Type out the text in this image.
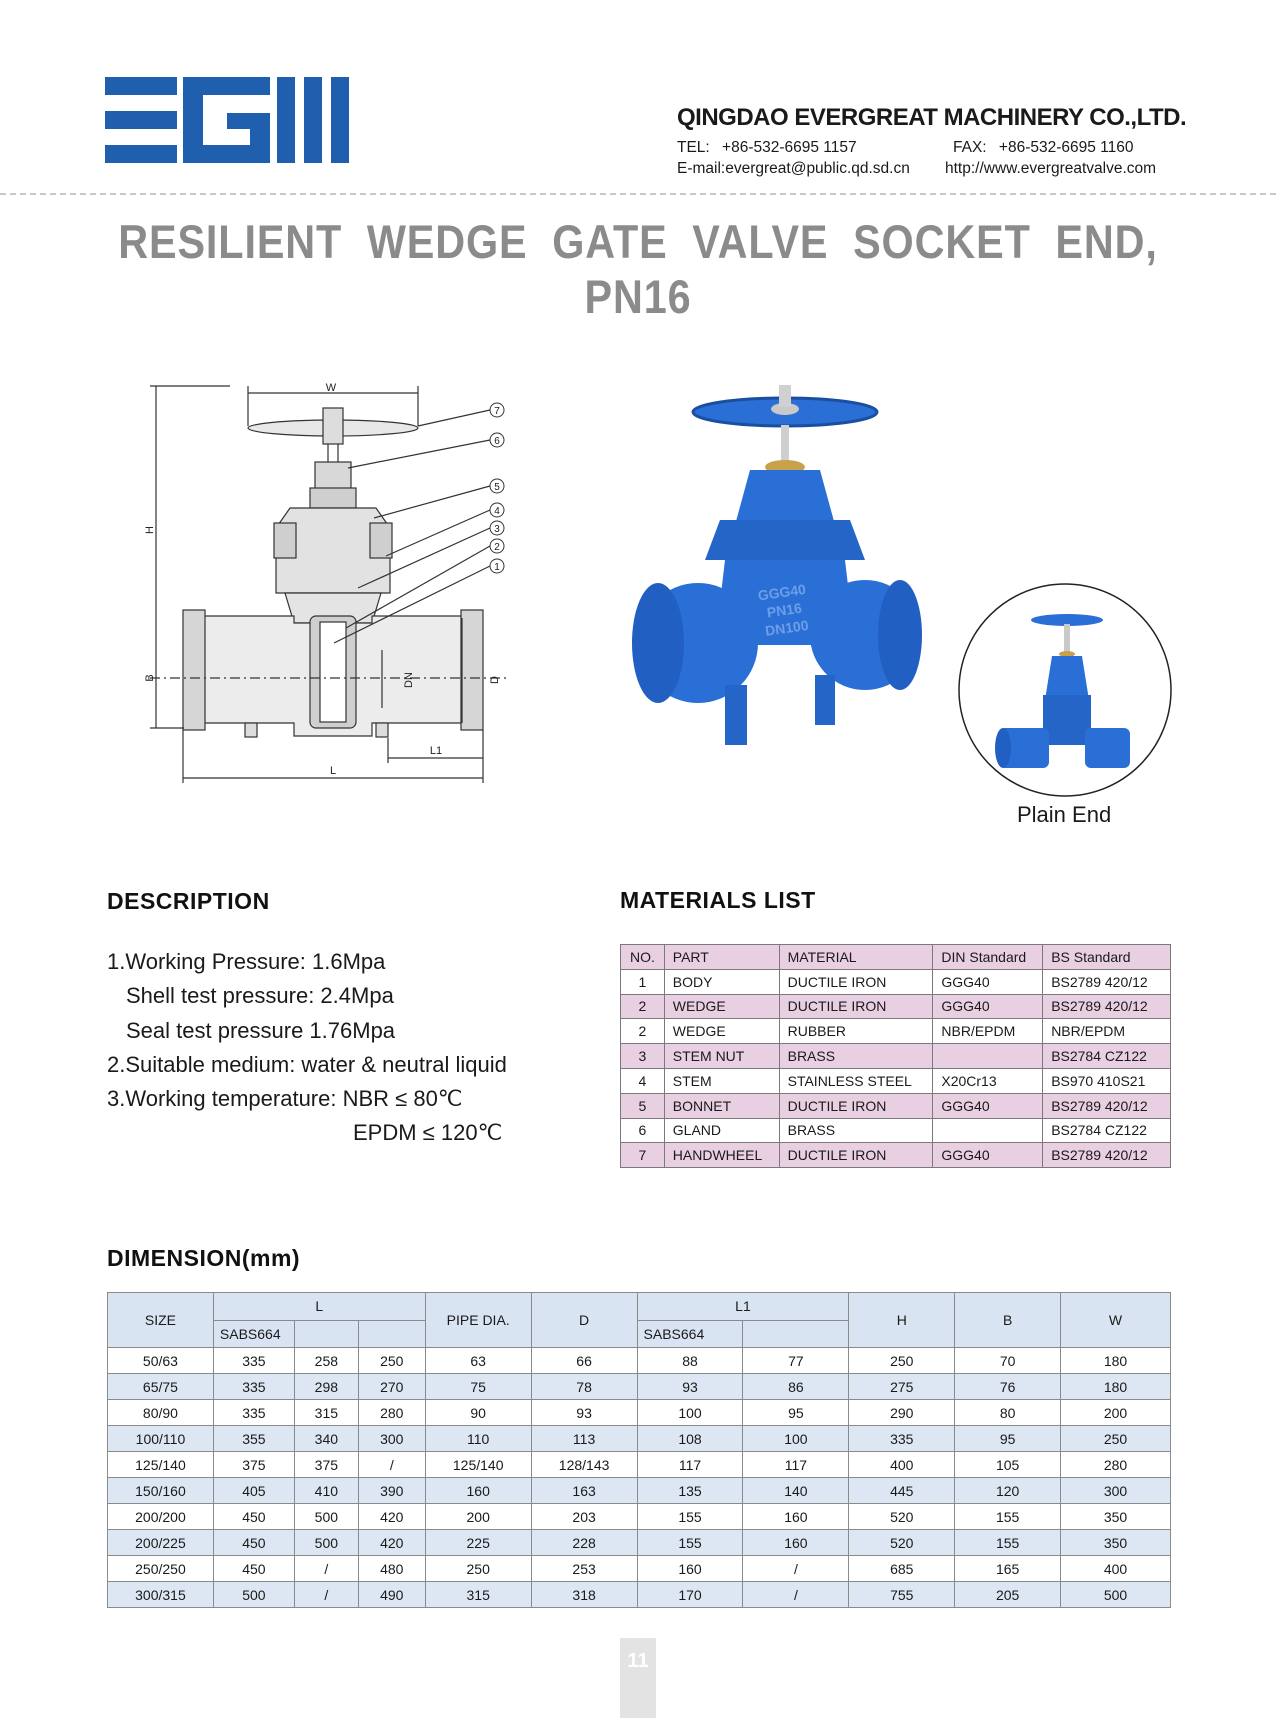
QINGDAO EVERGREAT MACHINERY CO.,LTD.
TEL: +86-532-6695 1157	FAX: +86-532-6695 1160
E-mail:evergreat@public.qd.sd.cn http://www.evergreatvalve.com
RESILIENT WEDGE GATE VALVE SOCKET END, PN16
W
H
B
L
L1
DN	D
7
6
5
4
3
2
1
GGG40
PN16
DN100
Plain End
DESCRIPTION
1.Working Pressure: 1.6Mpa
Shell test pressure: 2.4Mpa
Seal test pressure 1.76Mpa
2.Suitable medium: water & neutral liquid
3.Working temperature: NBR ≤ 80℃
EPDM ≤ 120℃
MATERIALS LIST
NO.	PART	MATERIAL	DIN Standard	BS Standard
1	BODY	DUCTILE IRON	GGG40	BS2789 420/12
2	WEDGE	DUCTILE IRON	GGG40	BS2789 420/12
2	WEDGE	RUBBER	NBR/EPDM	NBR/EPDM
3	STEM NUT	BRASS		BS2784 CZ122
4	STEM	STAINLESS STEEL	X20Cr13	BS970 410S21
5	BONNET	DUCTILE IRON	GGG40	BS2789 420/12
6	GLAND	BRASS		BS2784 CZ122
7	HANDWHEEL	DUCTILE IRON	GGG40	BS2789 420/12
DIMENSION(mm)
SIZE	L			PIPE DIA.	D	L1		H	B	W
	SABS664					SABS664				
50/63	335	258	250	63	66	88	77	250	70	180
65/75	335	298	270	75	78	93	86	275	76	180
80/90	335	315	280	90	93	100	95	290	80	200
100/110	355	340	300	110	113	108	100	335	95	250
125/140	375	375	/	125/140	128/143	117	117	400	105	280
150/160	405	410	390	160	163	135	140	445	120	300
200/200	450	500	420	200	203	155	160	520	155	350
200/225	450	500	420	225	228	155	160	520	155	350
250/250	450	/	480	250	253	160	/	685	165	400
300/315	500	/	490	315	318	170	/	755	205	500
11
